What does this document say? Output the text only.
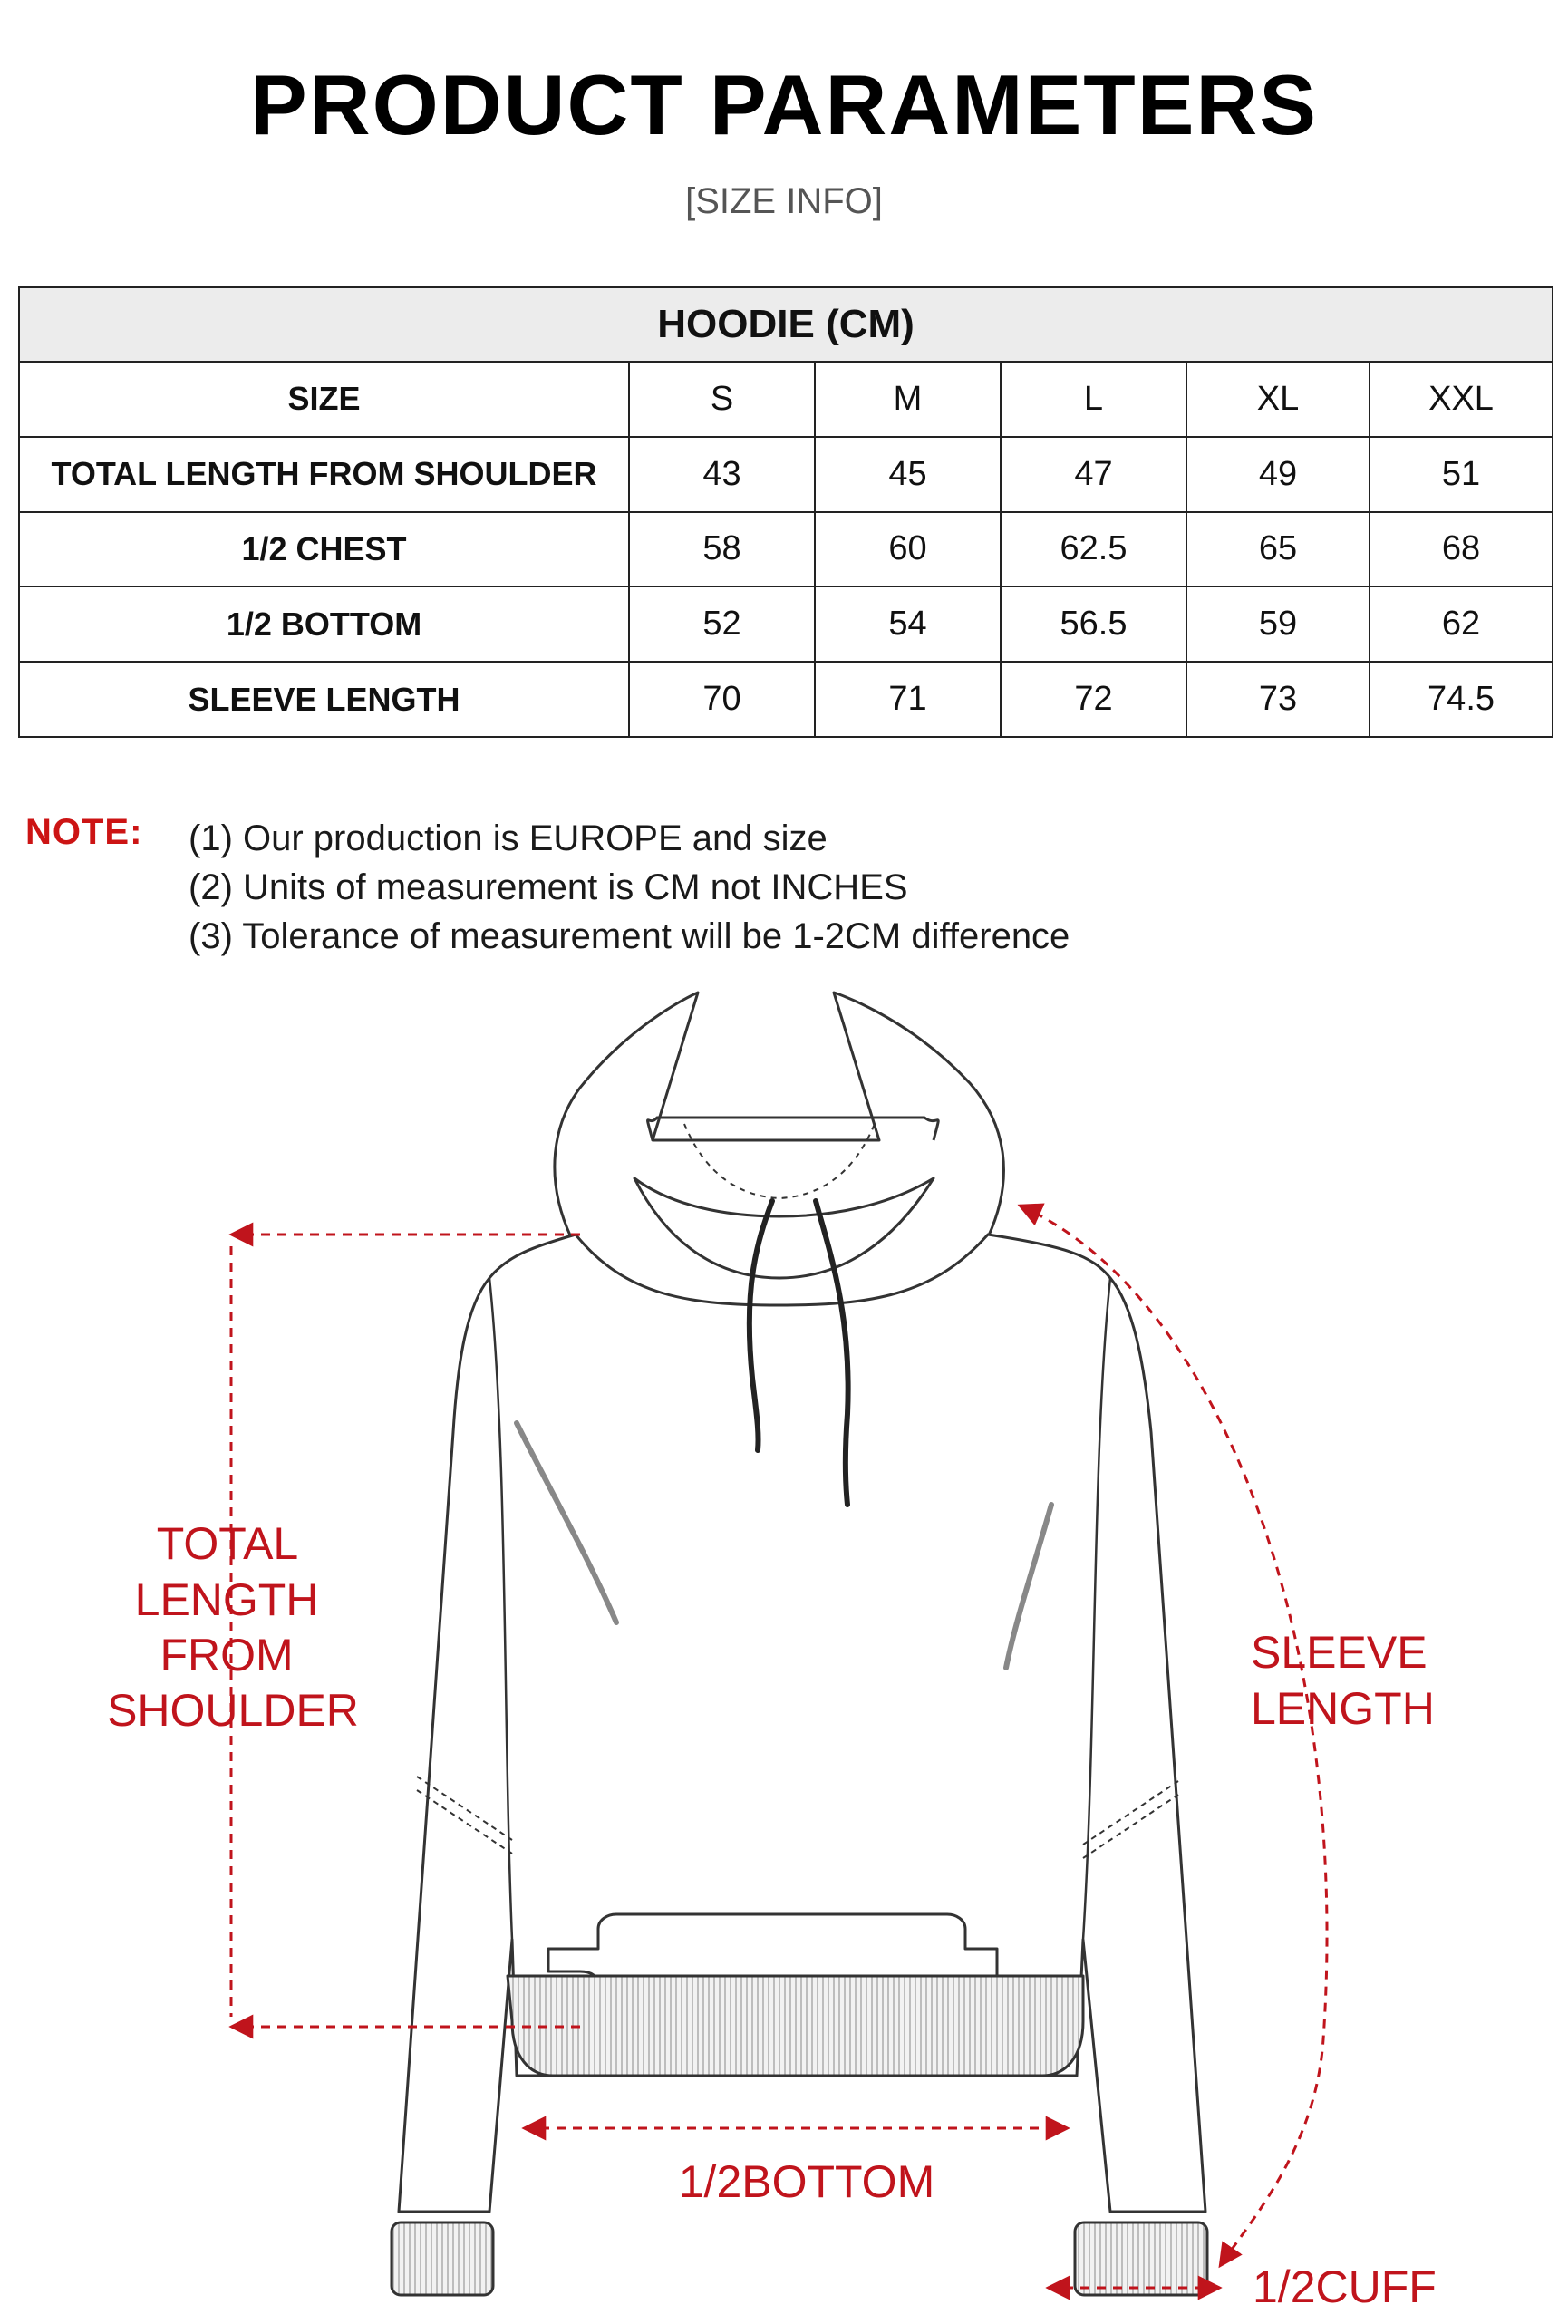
PRODUCT PARAMETERS
[SIZE INFO]
HOODIE (CM)					
SIZE	S	M	L	XL	XXL
TOTAL LENGTH FROM SHOULDER	43	45	47	49	51
1/2 CHEST	58	60	62.5	65	68
1/2 BOTTOM	52	54	56.5	59	62
SLEEVE LENGTH	70	71	72	73	74.5
NOTE: (1) Our production is EUROPE and size
(2) Units of measurement is CM not INCHES
(3) Tolerance of measurement will be 1-2CM difference
TOTAL LENGTH FROM SHOULDER
SLEEVE LENGTH
1/2BOTTOM
1/2CUFF
